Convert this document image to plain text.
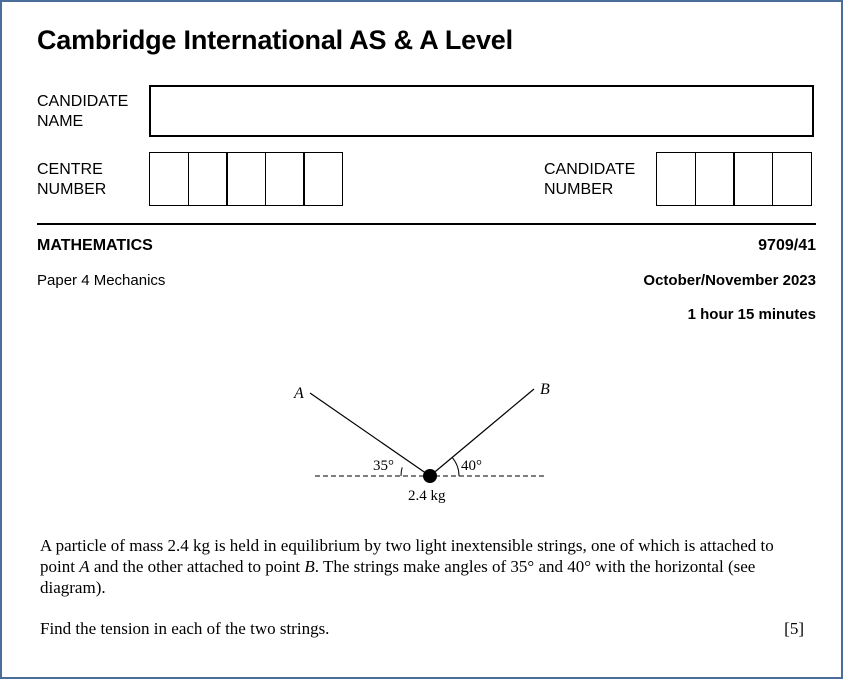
Cambridge International AS & A Level
CANDIDATE
NAME
CENTRE
NUMBER
CANDIDATE
NUMBER
MATHEMATICS	9709/41
Paper 4 Mechanics	October/November 2023
1 hour 15 minutes
A	B
35°	40°
2.4 kg

A particle of mass 2.4 kg is held in equilibrium by two light inextensible strings, one of which is attached to point A and the other attached to point B. The strings make angles of 35° and 40° with the horizontal (see diagram).

Find the tension in each of the two strings.	[5]
